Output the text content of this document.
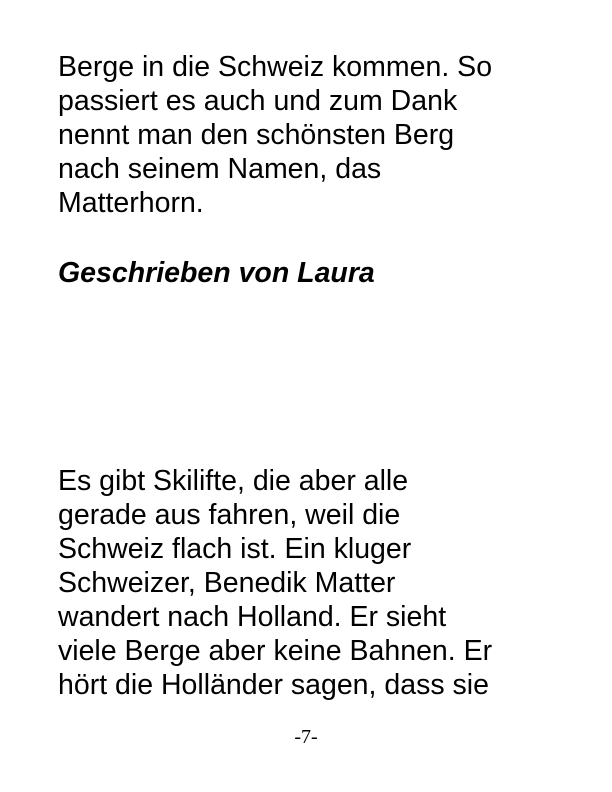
Berge in die Schweiz kommen. So
passiert es auch und zum Dank
nennt man den schönsten Berg
nach seinem Namen, das
Matterhorn.

Geschrieben von Laura

Es gibt Skilifte, die aber alle
gerade aus fahren, weil die
Schweiz flach ist. Ein kluger
Schweizer, Benedik Matter
wandert nach Holland. Er sieht
viele Berge aber keine Bahnen. Er
hört die Holländer sagen, dass sie

-7-
